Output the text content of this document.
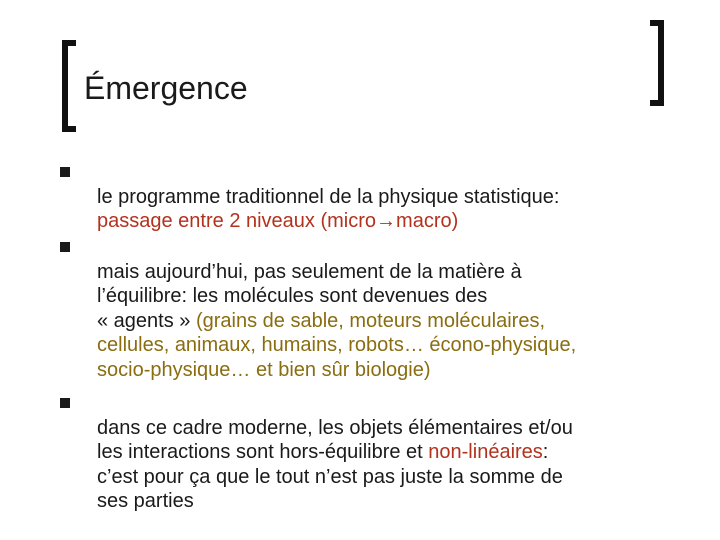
Émergence

le programme traditionnel de la physique statistique:
passage entre 2 niveaux (micro→macro)

mais aujourd’hui, pas seulement de la matière à
l’équilibre: les molécules sont devenues des
« agents » (grains de sable, moteurs moléculaires,
cellules, animaux, humains, robots… écono-physique,
socio-physique… et bien sûr biologie)

dans ce cadre moderne, les objets élémentaires et/ou
les interactions sont hors-équilibre et non-linéaires:
c’est pour ça que le tout n’est pas juste la somme de
ses parties
